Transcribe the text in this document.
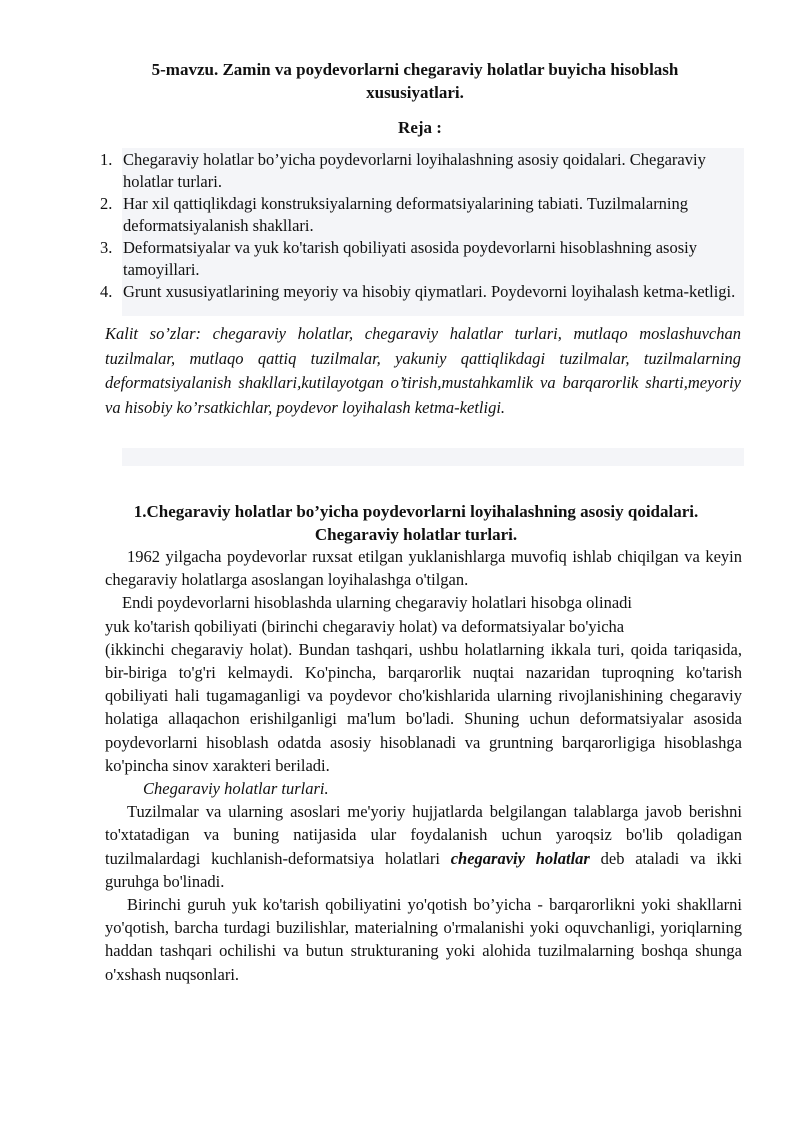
5-mavzu. Zamin va poydevorlarni chegaraviy holatlar buyicha hisoblash xususiyatlari.
Reja :
1. Chegaraviy holatlar bo’yicha poydevorlarni loyihalashning asosiy qoidalari. Chegaraviy holatlar turlari.
2. Har xil qattiqlikdagi konstruksiyalarning deformatsiyalarining tabiati. Tuzilmalarning deformatsiyalanish shakllari.
3. Deformatsiyalar va yuk ko'tarish qobiliyati asosida poydevorlarni hisoblashning asosiy tamoyillari.
4. Grunt xususiyatlarining meyoriy va hisobiy qiymatlari. Poydevorni loyihalash ketma-ketligi.
Kalit so’zlar: chegaraviy holatlar, chegaraviy halatlar turlari, mutlaqo moslashuvchan tuzilmalar, mutlaqo qattiq tuzilmalar, yakuniy qattiqlikdagi tuzilmalar, tuzilmalarning deformatsiyalanish shakllari,kutilayotgan o’tirish,mustahkamlik va barqarorlik sharti,meyoriy va hisobiy ko’rsatkichlar, poydevor loyihalash ketma-ketligi.
1.Chegaraviy holatlar bo’yicha poydevorlarni loyihalashning asosiy qoidalari. Chegaraviy holatlar turlari.

1962 yilgacha poydevorlar ruxsat etilgan yuklanishlarga muvofiq ishlab chiqilgan va keyin chegaraviy holatlarga asoslangan loyihalashga o'tilgan.

Endi poydevorlarni hisoblashda ularning chegaraviy holatlari hisobga olinadi

yuk ko'tarish qobiliyati (birinchi chegaraviy holat) va deformatsiyalar bo'yicha

(ikkinchi chegaraviy holat). Bundan tashqari, ushbu holatlarning ikkala turi, qoida tariqasida, bir-biriga to'g'ri kelmaydi. Ko'pincha, barqarorlik nuqtai nazaridan tuproqning ko'tarish qobiliyati hali tugamaganligi va poydevor cho'kishlarida ularning rivojlanishining chegaraviy holatiga allaqachon erishilganligi ma'lum bo'ladi. Shuning uchun deformatsiyalar asosida poydevorlarni hisoblash odatda asosiy hisoblanadi va gruntning barqarorligiga hisoblashga ko'pincha sinov xarakteri beriladi.

Chegaraviy holatlar turlari.

Tuzilmalar va ularning asoslari me'yoriy hujjatlarda belgilangan talablarga javob berishni to'xtatadigan va buning natijasida ular foydalanish uchun yaroqsiz bo'lib qoladigan tuzilmalardagi kuchlanish-deformatsiya holatlari chegaraviy holatlar deb ataladi va ikki guruhga bo'linadi.

Birinchi guruh yuk ko'tarish qobiliyatini yo'qotish bo’yicha - barqarorlikni yoki shakllarni yo'qotish, barcha turdagi buzilishlar, materialning o'rmalanishi yoki oquvchanligi, yoriqlarning haddan tashqari ochilishi va butun strukturaning yoki alohida tuzilmalarning boshqa shunga o'xshash nuqsonlari.
